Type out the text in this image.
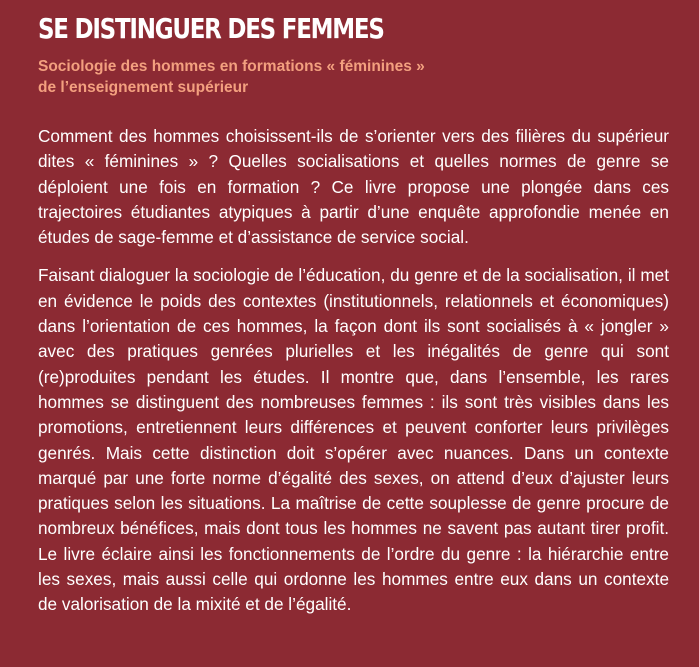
SE DISTINGUER DES FEMMES
Sociologie des hommes en formations « féminines »
de l’enseignement supérieur

Comment des hommes choisissent-ils de s’orienter vers des filières du supérieur dites « féminines » ? Quelles socialisations et quelles normes de genre se déploient une fois en formation ? Ce livre propose une plongée dans ces trajectoires étudiantes atypiques à partir d’une enquête approfondie menée en études de sage-femme et d’assistance de service social.

Faisant dialoguer la sociologie de l’éducation, du genre et de la socialisation, il met en évidence le poids des contextes (institutionnels, relationnels et économiques) dans l’orientation de ces hommes, la façon dont ils sont socialisés à « jongler » avec des pratiques genrées plurielles et les inégalités de genre qui sont (re)produites pendant les études. Il montre que, dans l’ensemble, les rares hommes se distinguent des nombreuses femmes : ils sont très visibles dans les promotions, entretiennent leurs différences et peuvent conforter leurs privilèges genrés. Mais cette distinction doit s’opérer avec nuances. Dans un contexte marqué par une forte norme d’égalité des sexes, on attend d’eux d’ajuster leurs pratiques selon les situations. La maîtrise de cette souplesse de genre procure de nombreux bénéfices, mais dont tous les hommes ne savent pas autant tirer profit. Le livre éclaire ainsi les fonctionnements de l’ordre du genre : la hiérarchie entre les sexes, mais aussi celle qui ordonne les hommes entre eux dans un contexte de valorisation de la mixité et de l’égalité.
